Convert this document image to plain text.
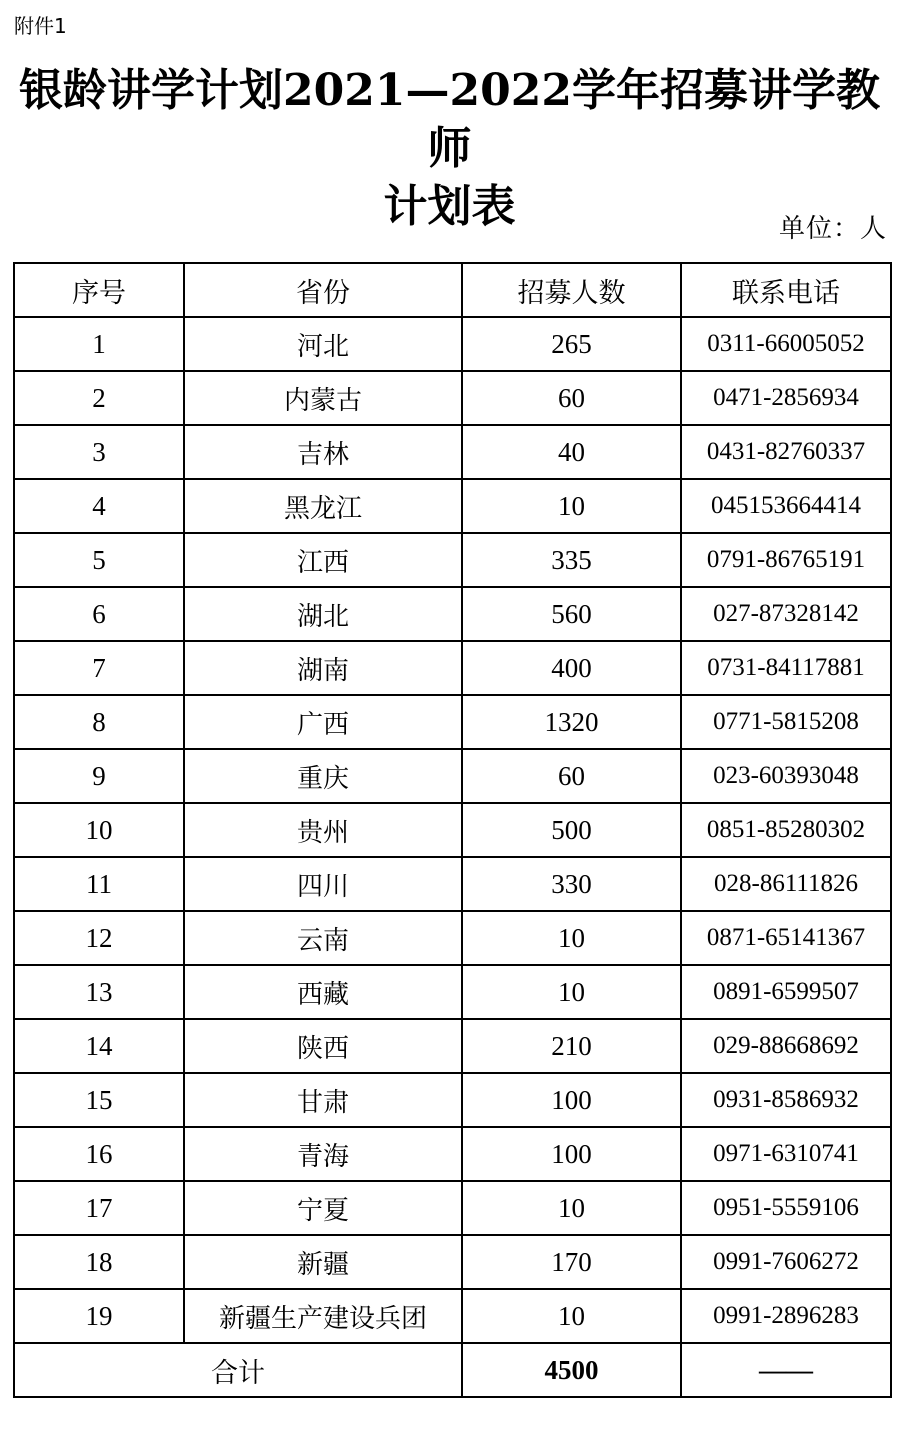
附件1
银龄讲学计划2021—2022学年招募讲学教师
计划表	单位：人
序号	省份	招募人数	联系电话
1	河北	265	0311-66005052
2	内蒙古	60	0471-2856934
3	吉林	40	0431-82760337
4	黑龙江	10	045153664414
5	江西	335	0791-86765191
6	湖北	560	027-87328142
7	湖南	400	0731-84117881
8	广西	1320	0771-5815208
9	重庆	60	023-60393048
10	贵州	500	0851-85280302
11	四川	330	028-86111826
12	云南	10	0871-65141367
13	西藏	10	0891-6599507
14	陕西	210	029-88668692
15	甘肃	100	0931-8586932
16	青海	100	0971-6310741
17	宁夏	10	0951-5559106
18	新疆	170	0991-7606272
19	新疆生产建设兵团	10	0991-2896283
合计		4500	——
